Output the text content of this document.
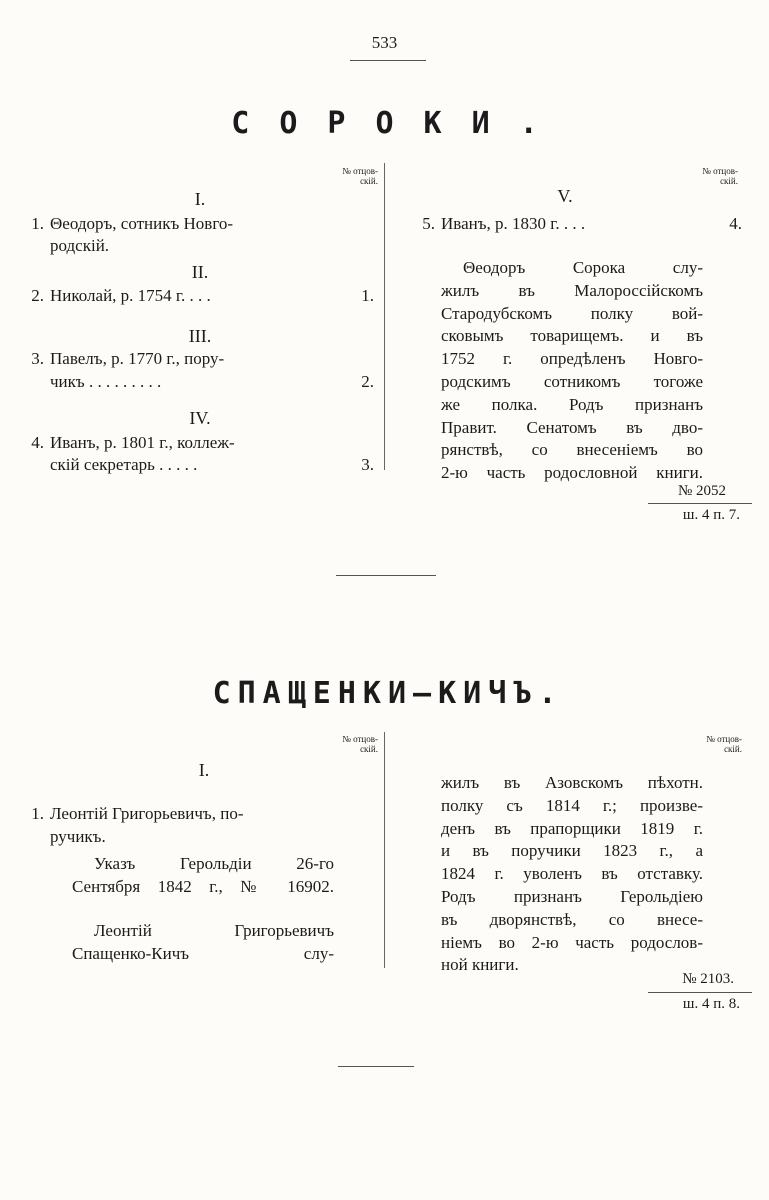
533
СОРОКИ.
№ отцов-
скій.
№ отцов-
скій.
I.
1. Θеодоръ, сотникъ Новго-
родскій.
II.
2. Николай, р. 1754 г. . . .	1.
III.
3. Павелъ, р. 1770 г., пору-
чикъ . . . . . . . . .	2.
IV.
4. Иванъ, р. 1801 г., коллеж-
скій секретарь . . . . .	3.
V.
5. Иванъ, р. 1830 г. . . .	4.
Θеодоръ Сорока слу-
жилъ въ Малороссійскомъ
Стародубскомъ полку вой-
сковымъ товарищемъ. и въ
1752 г. опредѣленъ Новго-
родскимъ сотникомъ тогоже
же полка. Родъ признанъ
Правит. Сенатомъ въ дво-
рянствѣ, со внесеніемъ во
2-ю часть родословной книги.
№ 2052
ш. 4 п. 7.
СПАЩЕНКИ–КИЧЪ.
№ отцов-
скій.
№ отцов-
скій.
I.
1. Леонтій Григорьевичъ, по-
ручикъ.
Указъ Герольдіи 26-го
Сентября 1842 г., № 16902.
Леонтій Григорьевичъ
Спащенко-Кичъ слу-
жилъ въ Азовскомъ пѣхотн.
полку съ 1814 г.; произве-
денъ въ прапорщики 1819 г.
и въ поручики 1823 г., а
1824 г. уволенъ въ отставку.
Родъ признанъ Герольдіею
въ дворянствѣ, со внесе-
ніемъ во 2-ю часть родослов-
ной книги.
№ 2103.
ш. 4 п. 8.
